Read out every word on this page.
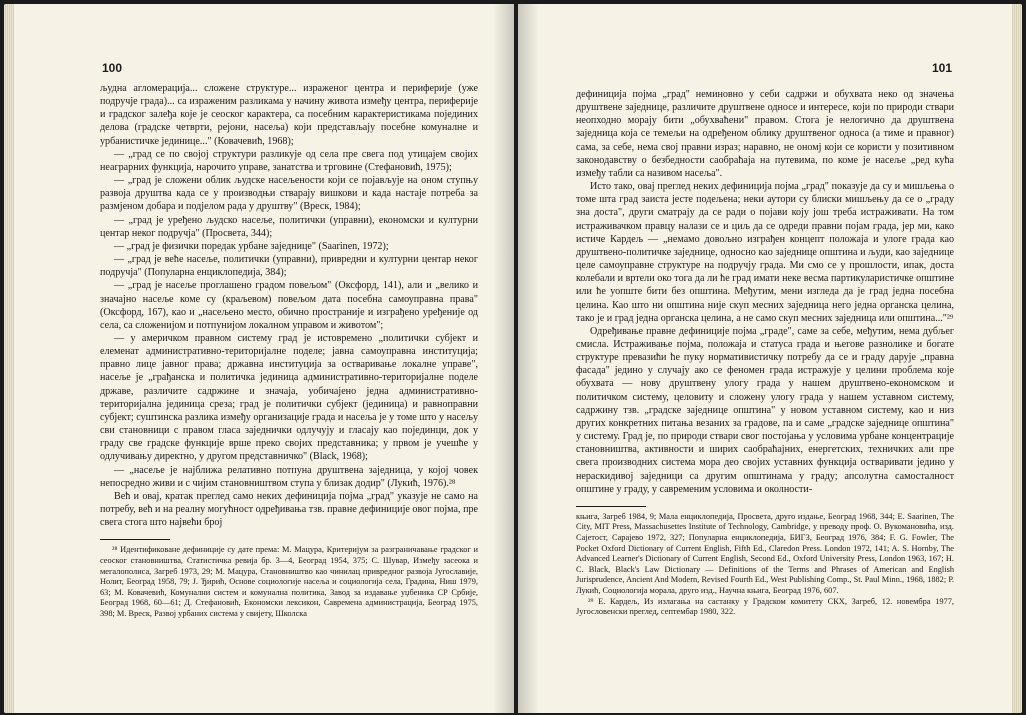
100

људна агломерација... сложене структуре... израженог центра и периферије (уже подручје града)... са израженим разликама у начину живота између центра, периферије и градског залеђа које је сеоског карактера, са посебним карактеристикама појединих делова (градске четврти, рејони, насеља) који представљају посебне комуналне и урбанистичке јединице..." (Ковачевић, 1968);

— „град се по својој структури разликује од села пре свега под утицајем својих неаграрних функција, нарочито управе, занатства и трговине (Стефановић, 1975);

— „град је сложени облик људске насељености који се појављује на оном ступњу развоја друштва када се у производњи стварају вишкови и када настаје потреба за размјеном добара и подјелом рада у друштву" (Вреск, 1984);

— „град је уређено људско насеље, политички (управни), економски и културни центар неког подручја" (Просвета, 344);

— „град је физички поредак урбане заједнице" (Saarinen, 1972);

— „град је веће насеље, политички (управни), привредни и културни центар неког подручја" (Популарна енциклопедија, 384);

— „град је насеље проглашено градом повељом" (Оксфорд, 141), али и „велико и значајно насеље коме су (краљевом) повељом дата посебна самоуправна права" (Оксфорд, 167), као и „насељено место, обично пространије и изграђено уређеније од села, са сложенијом и потпунијом локалном управом и животом";

— у америчком правном систему град је истовремено „политички субјект и елеменат административно-територијалне поделе; јавна самоуправна институција; правно лице јавног права; државна институција за остваривање локалне управе", насеље је „грађанска и политичка јединица административно-територијалне поделе државе, различите садржине и значаја, уобичајено једна административно-територијална јединица среза; град је политички субјект (јединица) и равноправни субјект; суштинска разлика између организације града и насеља је у томе што у насељу сви становници с правом гласа заједнички одлучују и гласају као појединци, док у граду све градске функције врше преко својих представника; у првом је учешће у одлучивању директно, у другом представничко" (Black, 1968);

— „насеље је најближа релативно потпуна друштвена заједница, у којој човек непосредно живи и с чијим становништвом ступа у близак додир" (Лукић, 1976).²⁸

Већ и овај, кратак преглед само неких дефиниција појма „град" указује не само на потребу, већ и на реалну могућност одређивања тзв. правне дефиниције овог појма, пре свега стога што највећи број

²⁸ Идентификоване дефиниције су дате према: М. Мацура, Критеријум за разграничавање градског и сеоског становништва, Статистичка ревија бр. 3—4, Београд 1954, 375; С. Шувар, Између засеока и мегалополиса, Загреб 1973, 29; М. Мацура, Становништво као чинилац привредног развоја Југославије, Нолит, Београд 1958, 79; Ј. Ђирић, Основе социологије насеља и социологија села, Градина, Ниш 1979, 63; М. Ковачевић, Комунални систем и комунална политика, Завод за издавање уџбеника СР Србије, Београд 1968, 60—61; Д. Стефановић, Економски лексикон, Савремена администрација, Београд 1975, 398; М. Вреск, Развој урбаних система у свијету, Школска

101

дефиниција појма „град" неминовно у себи садржи и обухвата неко од значења друштвене заједнице, различите друштвене односе и интересе, који по природи ствари неопходно морају бити „обухваћени" правом. Стога је нелогично да друштвена заједница која се темељи на одређеном облику друштвеног односа (а тиме и правног) сама, за себе, нема свој правни израз; наравно, не ономј који се користи у позитивном законодавству о безбедности саобраћаја на путевима, по коме је насеље „ред кућа између табли са називом насеља".

Исто тако, овај преглед неких дефиниција појма „град" показује да су и мишљења о томе шта град заиста јесте подељена; неки аутори су блиски мишљењу да се о „граду зна доста", други сматрају да се ради о појави коју још треба истраживати. На том истраживачком правцу налази се и циљ да се одреди правни појам града, јер ми, како истиче Кардељ — „немамо довољно изграђен концепт положаја и улоге града као друштвено-политичке заједнице, односно као заједнице општина и људи, као заједнице целе самоуправне структуре на подручју града. Ми смо се у прошлости, ипак, доста колебали и вртели око тога да ли ће град имати неке весма партикуларистичке општине или ће уопште бити без општина. Међутим, мени изгледа да је град једна посебна целина. Као што ни општина није скуп месних заједница него једна органска целина, тако је и град једна органска целина, а не само скуп месних заједница или општина..."²⁹

Одређивање правне дефиниције појма „граде", саме за себе, међутим, нема дубљег смисла. Истраживање појма, положаја и статуса града и његове разноликe и богате структуре превазићи ће пуку нормативистичку потребу да се и граду дарује „правна фасада" једино у случају ако се феномен града истражује у целини проблема које обухвата — нову друштвену улогу града у нашем друштвено-економском и политичком систему, целовиту и сложену улогу града у нашем уставном систему, садржину тзв. „градске заједнице општина" у новом уставном систему, као и низ других конкретних питања везаних за градове, па и саме „градске заједнице општина" у систему. Град је, по природи ствари свог постојања у условима урбане концентрације становништва, активности и ширих саобраћајних, енергетских, техничких али пре свега производних система мора део својих уставних функција остваривати једино у нераскидивој заједници са другим општинама у граду; апсолутна самосталност општине у граду, у савременим условима и околности-

књига, Загреб 1984, 9; Мала енциклопедија, Просвета, друго издање, Београд 1968, 344; Е. Saarinen, The City, MIT Press, Massachusettes Institute of Technology, Cambridge, у преводу проф. О. Вукомановића, изд. Сајетост, Сарајево 1972, 327; Популарна енциклопедија, БИГЗ, Београд 1976, 384; F. G. Fowler, The Pocket Oxford Dictionary of Current English, Fifth Ed., Claredon Press. London 1972, 141; A. S. Hornby, The Advanced Learner's Dictionary of Current English, Second Ed., Oxford University Press, London 1963, 167; H. C. Black, Black's Law Dictionary — Definitions of the Terms and Phrases of American and English Jurisprudence, Ancient And Modern, Revised Fourth Ed., West Publishing Comp., St. Paul Minn., 1968, 1882; Р. Лукић, Социологија морала, друго изд., Научна књига, Београд 1976, 607.

²⁹ Е. Кардељ, Из излагања на састанку у Градском комитету СКХ, Загреб, 12. новембра 1977, Југословенски преглед, септембар 1980, 322.
